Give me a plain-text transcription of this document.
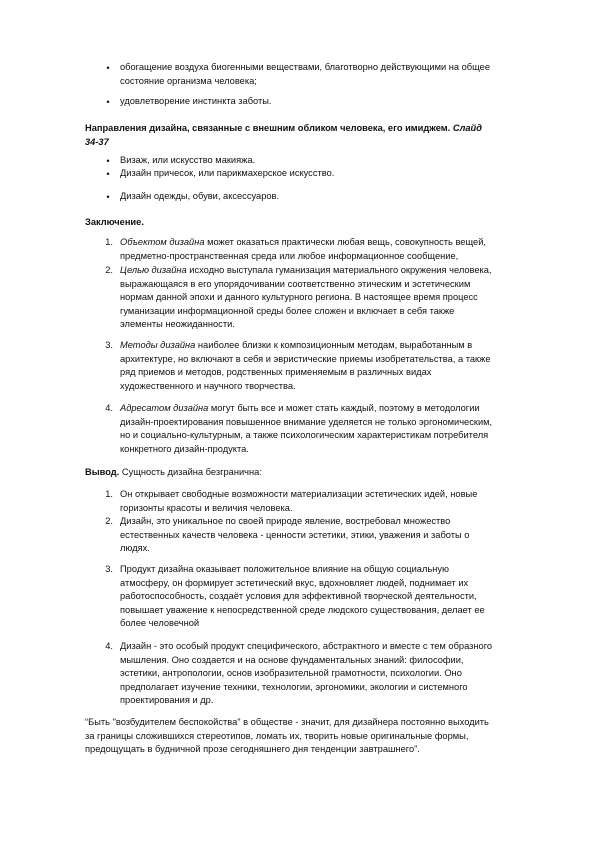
•	обогащение воздуха биогенными веществами, благотворно действующими на общее
состояние организма человека;
•	удовлетворение инстинкта заботы.
Направления дизайна, связанные с внешним обликом человека, его имиджем. Слайд
34-37
•	Визаж, или искусство макияжа.
•	Дизайн причесок, или парикмахерское искусство.
•	Дизайн одежды, обуви, аксессуаров.
Заключение.
1. Объектом дизайна может оказаться практически любая вещь, совокупность вещей,
предметно-пространственная среда или любое информационное сообщение,
2. Целью дизайна исходно выступала гуманизация материального окружения человека,
выражающаяся в его упорядочивании соответственно этическим и эстетическим
нормам данной эпохи и данного культурного региона. В настоящее время процесс
гуманизации информационной среды более сложен и включает в себя также
элементы неожиданности.
3. Методы дизайна наиболее близки к композиционным методам, выработанным в
архитектуре, но включают в себя и эвристические приемы изобретательства, а также
ряд приемов и методов, родственных применяемым в различных видах
художественного и научного творчества.
4. Адресатом дизайна могут быть все и может стать каждый, поэтому в методологии
дизайн-проектирования повышенное внимание уделяется не только эргономическим,
но и социально-культурным, а также психологическим характеристикам потребителя
конкретного дизайн-продукта.
Вывод. Сущность дизайна безгранична:
1. Он открывает свободные возможности материализации эстетических идей, новые
горизонты красоты и величия человека.
2. Дизайн, это уникальное по своей природе явление, востребовал множество
естественных качеств человека - ценности эстетики, этики, уважения и заботы о
людях.
3. Продукт дизайна оказывает положительное влияние на общую социальную
атмосферу, он формирует эстетический вкус, вдохновляет людей, поднимает их
работоспособность, создаёт условия для эффективной творческой деятельности,
повышает уважение к непосредственной среде людского существования, делает ее
более человечной
4. Дизайн - это особый продукт специфического, абстрактного и вместе с тем образного
мышления. Оно создается и на основе фундаментальных знаний: философии,
эстетики, антропологии, основ изобразительной грамотности, психологии. Оно
предполагает изучение техники, технологии, эргономики, экологии и системного
проектирования и др.
“Быть "возбудителем беспокойства" в обществе - значит, для дизайнера постоянно выходить
за границы сложившихся стереотипов, ломать их, творить новые оригинальные формы,
предощущать в будничной прозе сегодняшнего дня тенденции завтрашнего”.
